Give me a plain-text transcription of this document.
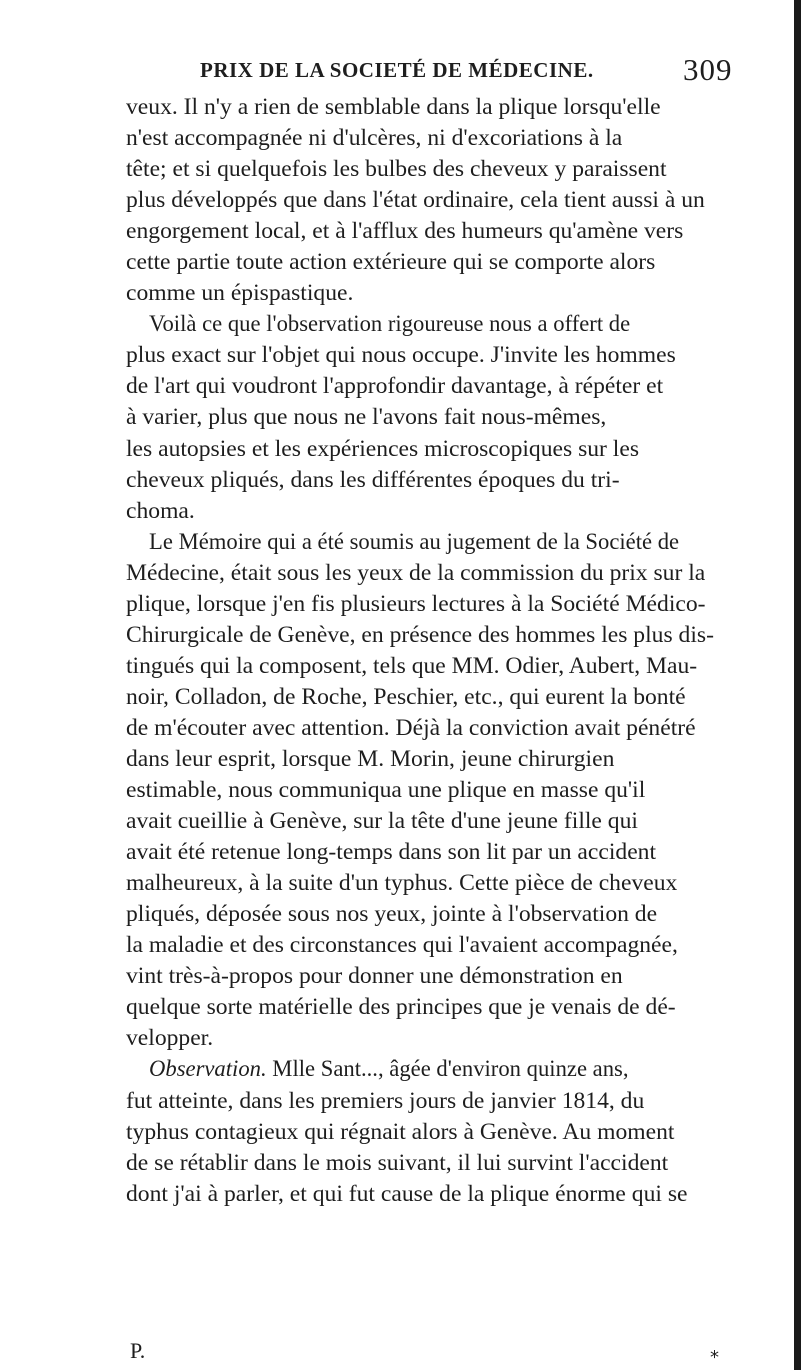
PRIX DE LA SOCIETÉ DE MÉDECINE.	309

veux. Il n'y a rien de semblable dans la plique lorsqu'elle
n'est accompagnée ni d'ulcères, ni d'excoriations à la
tête; et si quelquefois les bulbes des cheveux y paraissent
plus développés que dans l'état ordinaire, cela tient aussi à un
engorgement local, et à l'afflux des humeurs qu'amène vers
cette partie toute action extérieure qui se comporte alors
comme un épispastique.

Voilà ce que l'observation rigoureuse nous a offert de
plus exact sur l'objet qui nous occupe. J'invite les hommes
de l'art qui voudront l'approfondir davantage, à répéter et
à varier, plus que nous ne l'avons fait nous-mêmes,
les autopsies et les expériences microscopiques sur les
cheveux pliqués, dans les différentes époques du tri-
choma.

Le Mémoire qui a été soumis au jugement de la Société de
Médecine, était sous les yeux de la commission du prix sur la
plique, lorsque j'en fis plusieurs lectures à la Société Médico-
Chirurgicale de Genève, en présence des hommes les plus dis-
tingués qui la composent, tels que MM. Odier, Aubert, Mau-
noir, Colladon, de Roche, Peschier, etc., qui eurent la bonté
de m'écouter avec attention. Déjà la conviction avait pénétré
dans leur esprit, lorsque M. Morin, jeune chirurgien
estimable, nous communiqua une plique en masse qu'il
avait cueillie à Genève, sur la tête d'une jeune fille qui
avait été retenue long-temps dans son lit par un accident
malheureux, à la suite d'un typhus. Cette pièce de cheveux
pliqués, déposée sous nos yeux, jointe à l'observation de
la maladie et des circonstances qui l'avaient accompagnée,
vint très-à-propos pour donner une démonstration en
quelque sorte matérielle des principes que je venais de dé-
velopper.

Observation. Mlle Sant..., âgée d'environ quinze ans,
fut atteinte, dans les premiers jours de janvier 1814, du
typhus contagieux qui régnait alors à Genève. Au moment
de se rétablir dans le mois suivant, il lui survint l'accident
dont j'ai à parler, et qui fut cause de la plique énorme qui se

P.	*
